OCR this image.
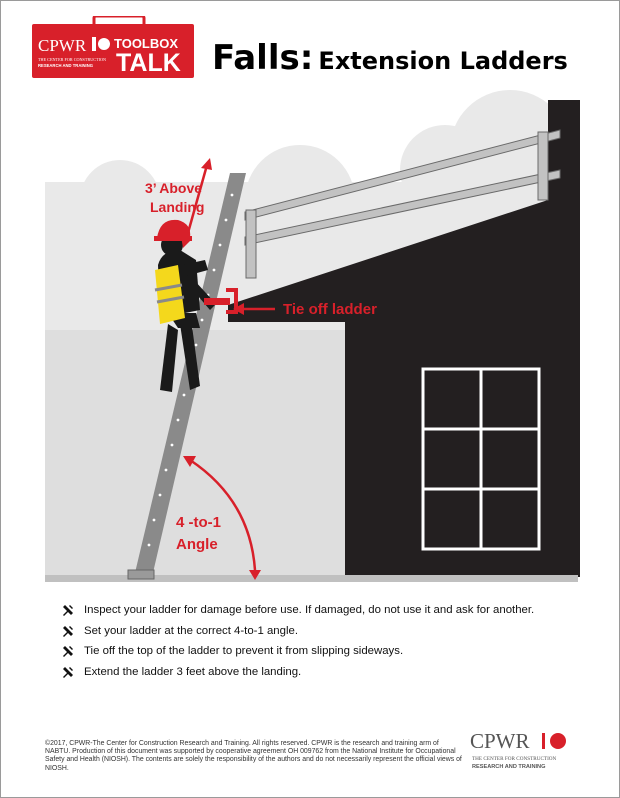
CPWR TOOLBOX
TALK
THE CENTER FOR CONSTRUCTION
RESEARCH AND TRAINING	Falls: Extension Ladders
3’ Above
Landing
Tie off ladder
4 -to-1
Angle
Inspect your ladder for damage before use. If damaged, do not use it and ask for another.
Set your ladder at the correct 4-to-1 angle.
Tie off the top of the ladder to prevent it from slipping sideways.
Extend the ladder 3 feet above the landing.
©2017, CPWR-The Center for Construction Research and Training. All rights reserved. CPWR is the research and training arm of NABTU. Production of this document was supported by cooperative agreement OH 009762 from the National Institute for Occupational Safety and Health (NIOSH). The contents are solely the responsibility of the authors and do not necessarily represent the official views of NIOSH.
CPWR
THE CENTER FOR CONSTRUCTION
RESEARCH AND TRAINING
